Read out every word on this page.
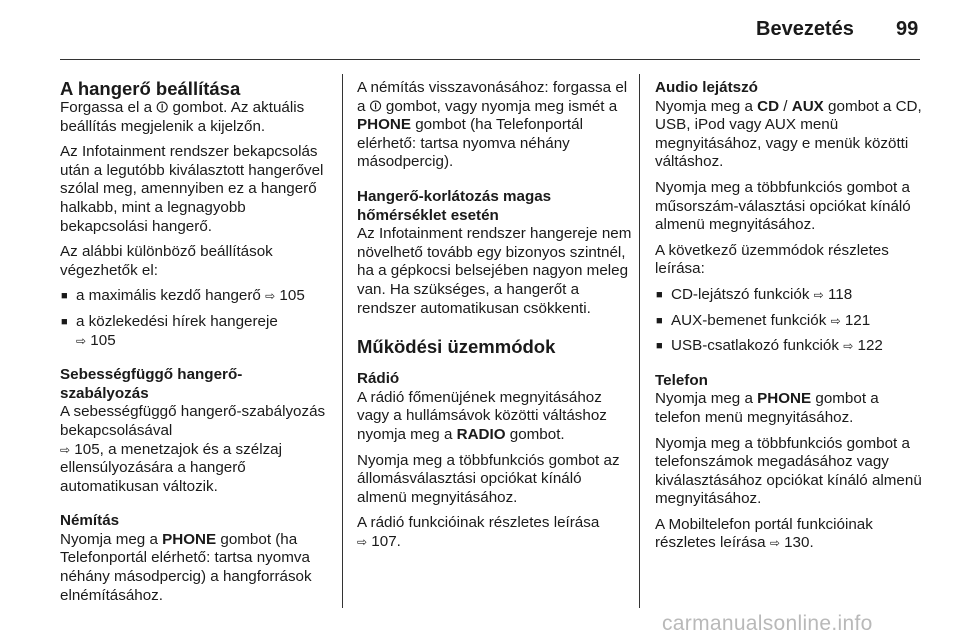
Bevezetés 99
A hangerő beállítása

Forgassa el a ⏼ gombot. Az aktuális beállítás megjelenik a kijelzőn.

Az Infotainment rendszer bekapcsolás után a legutóbb kiválasztott hangerővel szólal meg, amennyiben ez a hangerő halkabb, mint a legnagyobb bekapcsolási hangerő.

Az alábbi különböző beállítások végezhetők el:

■ a maximális kezdő hangerő ⇨ 105
■ a közlekedési hírek hangereje
⇨ 105
Sebességfüggő hangerő-szabályozás

A sebességfüggő hangerő-szabályozás bekapcsolásával
⇨ 105, a menetzajok és a szélzaj ellensúlyozására a hangerő automatikusan változik.

Némítás

Nyomja meg a PHONE gombot (ha Telefonportál elérhető: tartsa nyomva néhány másodpercig) a hangforrások elnémításához.

A némítás visszavonásához: forgassa el a ⏼ gombot, vagy nyomja meg ismét a PHONE gombot (ha Telefonportál elérhető: tartsa nyomva néhány másodpercig).

Hangerő-korlátozás magas hőmérséklet esetén

Az Infotainment rendszer hangereje nem növelhető tovább egy bizonyos szintnél, ha a gépkocsi belsejében nagyon meleg van. Ha szükséges, a hangerőt a rendszer automatikusan csökkenti.

Működési üzemmódok
Rádió

A rádió főmenüjének megnyitásához vagy a hullámsávok közötti váltáshoz nyomja meg a RADIO gombot.

Nyomja meg a többfunkciós gombot az állomásválasztási opciókat kínáló almenü megnyitásához.

A rádió funkcióinak részletes leírása
⇨ 107.

Audio lejátszó

Nyomja meg a CD / AUX gombot a CD, USB, iPod vagy AUX menü megnyitásához, vagy e menük közötti váltáshoz.

Nyomja meg a többfunkciós gombot a műsorszám-választási opciókat kínáló almenü megnyitásához.

A következő üzemmódok részletes leírása:

■ CD-lejátszó funkciók ⇨ 118
■ AUX-bemenet funkciók ⇨ 121
■ USB-csatlakozó funkciók ⇨ 122
Telefon

Nyomja meg a PHONE gombot a telefon menü megnyitásához.

Nyomja meg a többfunkciós gombot a telefonszámok megadásához vagy kiválasztásához opciókat kínáló almenü megnyitásához.

A Mobiltelefon portál funkcióinak részletes leírása ⇨ 130.

carmanualsonline.info
